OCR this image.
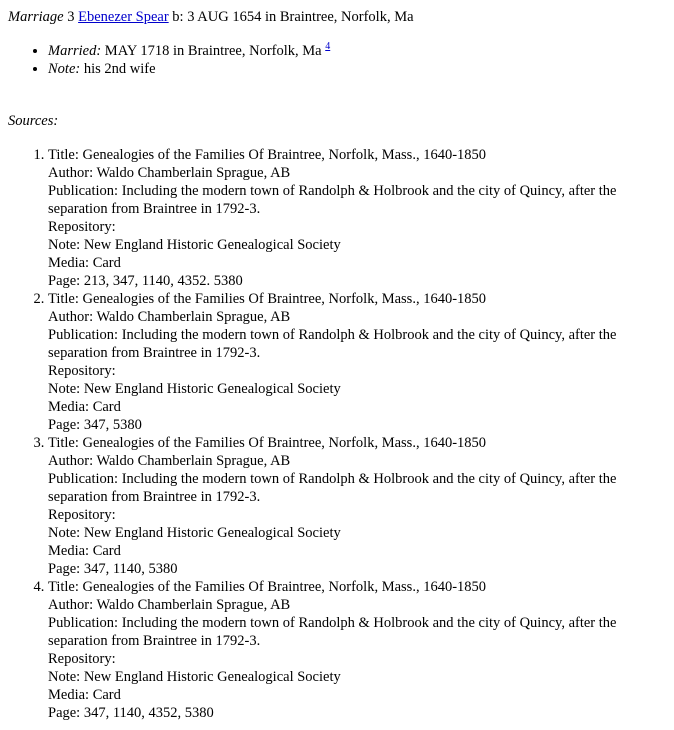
Marriage 3 Ebenezer Spear b: 3 AUG 1654 in Braintree, Norfolk, Ma

• Married: MAY 1718 in Braintree, Norfolk, Ma $^4$
• Note: his 2nd wife

Sources:

1. Title: Genealogies of the Families Of Braintree, Norfolk, Mass., 1640-1850
Author: Waldo Chamberlain Sprague, AB
Publication: Including the modern town of Randolph & Holbrook and the city of Quincy, after the separation from Braintree in 1792-3.
Repository:
Note: New England Historic Genealogical Society
Media: Card
Page: 213, 347, 1140, 4352. 5380
2. Title: Genealogies of the Families Of Braintree, Norfolk, Mass., 1640-1850
Author: Waldo Chamberlain Sprague, AB
Publication: Including the modern town of Randolph & Holbrook and the city of Quincy, after the separation from Braintree in 1792-3.
Repository:
Note: New England Historic Genealogical Society
Media: Card
Page: 347, 5380
3. Title: Genealogies of the Families Of Braintree, Norfolk, Mass., 1640-1850
Author: Waldo Chamberlain Sprague, AB
Publication: Including the modern town of Randolph & Holbrook and the city of Quincy, after the separation from Braintree in 1792-3.
Repository:
Note: New England Historic Genealogical Society
Media: Card
Page: 347, 1140, 5380
4. Title: Genealogies of the Families Of Braintree, Norfolk, Mass., 1640-1850
Author: Waldo Chamberlain Sprague, AB
Publication: Including the modern town of Randolph & Holbrook and the city of Quincy, after the separation from Braintree in 1792-3.
Repository:
Note: New England Historic Genealogical Society
Media: Card
Page: 347, 1140, 4352, 5380
